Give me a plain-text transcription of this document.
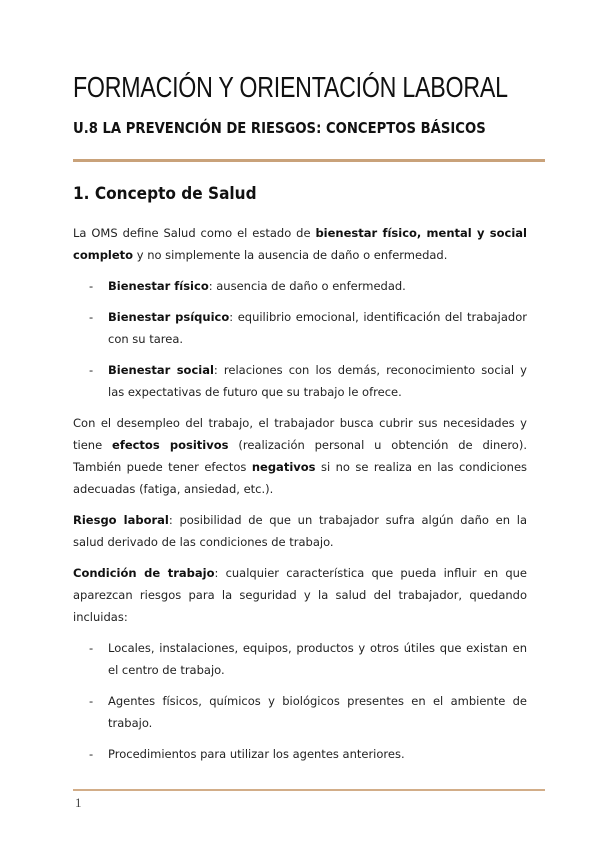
FORMACIÓN Y ORIENTACIÓN LABORAL
U.8 LA PREVENCIÓN DE RIESGOS: CONCEPTOS BÁSICOS
1. Concepto de Salud

La OMS define Salud como el estado de bienestar físico, mental y social completo y no simplemente la ausencia de daño o enfermedad.

- Bienestar físico: ausencia de daño o enfermedad.
- Bienestar psíquico: equilibrio emocional, identificación del trabajador con su tarea.
- Bienestar social: relaciones con los demás, reconocimiento social y las expectativas de futuro que su trabajo le ofrece.

Con el desempleo del trabajo, el trabajador busca cubrir sus necesidades y tiene efectos positivos (realización personal u obtención de dinero). También puede tener efectos negativos si no se realiza en las condiciones adecuadas (fatiga, ansiedad, etc.).

Riesgo laboral: posibilidad de que un trabajador sufra algún daño en la salud derivado de las condiciones de trabajo.

Condición de trabajo: cualquier característica que pueda influir en que aparezcan riesgos para la seguridad y la salud del trabajador, quedando incluidas:

- Locales, instalaciones, equipos, productos y otros útiles que existan en el centro de trabajo.
- Agentes físicos, químicos y biológicos presentes en el ambiente de trabajo.
- Procedimientos para utilizar los agentes anteriores.
1
